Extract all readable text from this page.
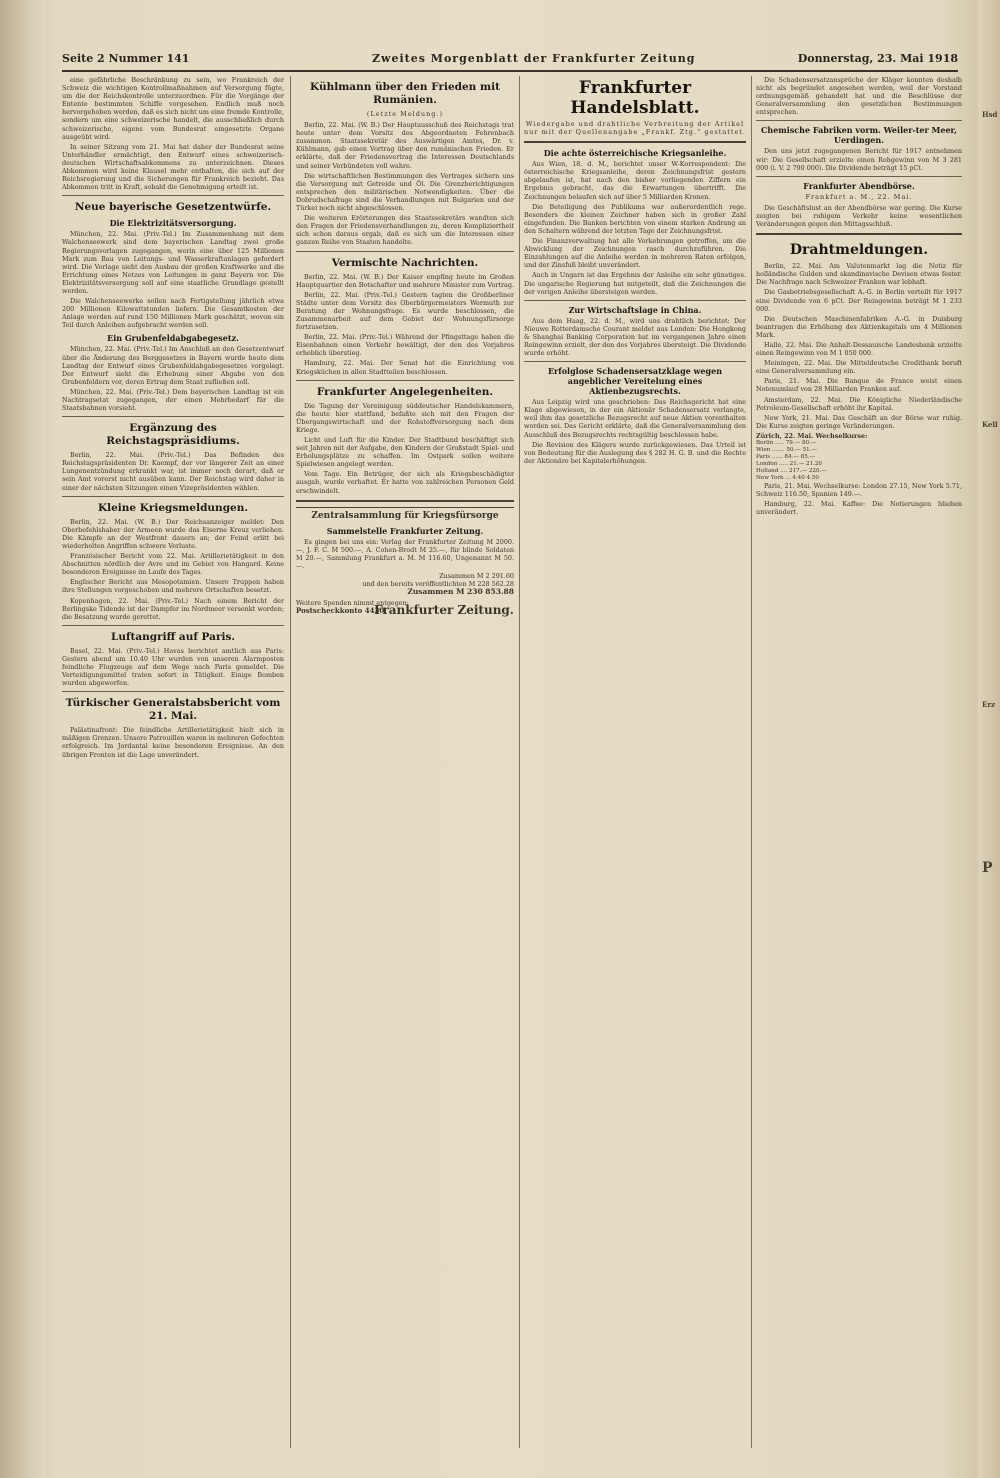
Hsd
Kell
Erz
P
Seite 2 Nummer 141	Zweites Morgenblatt der Frankfurter Zeitung	Donnerstag, 23. Mai 1918

eine gefährliche Beschränkung zu sein, wo Frankreich der Schweiz die wichtigen Kontrollmaßnahmen auf Versorgung fügte, um die der Reichskontrolle unterzuordnen. Für die Vorgänge der Entente bestimmten Schiffe vorgesehen. Endlich muß noch hervorgehoben werden, daß es sich nicht um eine fremde Kontrolle, sondern um eine schweizerische handelt, die ausschließlich durch schweizerische, eigens vom Bundesrat eingesetzte Organe ausgeübt wird.

In seiner Sitzung vom 21. Mai hat daher der Bundesrat seine Unterhändler ermächtigt, den Entwurf eines schweizerisch-deutschen Wirtschaftsabkommens zu unterzeichnen. Dieses Abkommen wird keine Klausel mehr enthalten, die sich auf der Reichsregierung und die Sicherungen für Frankreich bezieht. Das Abkommen tritt in Kraft, sobald die Genehmigung erteilt ist.

Neue bayerische Gesetzentwürfe.
Die Elektrizitätsversorgung.

München, 22. Mai. (Priv.-Tel.) Im Zusammenhang mit dem Walchenseewerk sind dem bayerischen Landtag zwei große Regierungsvorlagen zugegangen, worin eine über 125 Millionen Mark zum Bau von Leitungs- und Wasserkraftanlagen gefordert wird. Die Vorlage sieht den Ausbau der großen Kraftwerke und die Errichtung eines Netzes von Leitungen in ganz Bayern vor. Die Elektrizitätsversorgung soll auf eine staatliche Grundlage gestellt werden.

Die Walchenseewerke sollen nach Fertigstellung jährlich etwa 200 Millionen Kilowattstunden liefern. Die Gesamtkosten der Anlage werden auf rund 150 Millionen Mark geschätzt, wovon ein Teil durch Anleihen aufgebracht werden soll.

Ein Grubenfeldabgabegesetz.

München, 22. Mai. (Priv.-Tel.) Im Anschluß an den Gesetzentwurf über die Änderung des Berggesetzes in Bayern wurde heute dem Landtag der Entwurf eines Grubenfeldabgabegesetzes vorgelegt. Der Entwurf sieht die Erhebung einer Abgabe von den Grubenfeldern vor, deren Ertrag dem Staat zufließen soll.

München, 22. Mai. (Priv.-Tel.) Dem bayerischen Landtag ist ein Nachtragsetat zugegangen, der einen Mehrbedarf für die Staatsbahnen vorsieht.

Ergänzung des Reichstagspräsidiums.

Berlin, 22. Mai. (Priv.-Tel.) Das Befinden des Reichstagspräsidenten Dr. Kaempf, der vor längerer Zeit an einer Lungenentzündung erkrankt war, ist immer noch derart, daß er sein Amt vorerst nicht ausüben kann. Der Reichstag wird daher in einer der nächsten Sitzungen einen Vizepräsidenten wählen.

Kleine Kriegsmeldungen.

Berlin, 22. Mai. (W. B.) Der Reichsanzeiger meldet: Den Oberbefehlshaber der Armeen wurde das Eiserne Kreuz verliehen. Die Kämpfe an der Westfront dauern an; der Feind erlitt bei wiederholten Angriffen schwere Verluste.

Französischer Bericht vom 22. Mai. Artillerietätigkeit in den Abschnitten nördlich der Avre und im Gebiet von Hangard. Keine besonderen Ereignisse im Laufe des Tages.

Englischer Bericht aus Mesopotamien. Unsere Truppen haben ihre Stellungen vorgeschoben und mehrere Ortschaften besetzt.

Kopenhagen, 22. Mai. (Priv.-Tel.) Nach einem Bericht der Berlingske Tidende ist der Dampfer im Nordmeer versenkt worden; die Besatzung wurde gerettet.

Luftangriff auf Paris.

Basel, 22. Mai. (Priv.-Tel.) Havas berichtet amtlich aus Paris: Gestern abend um 10.40 Uhr wurden von unseren Alarmposten feindliche Flugzeuge auf dem Wege nach Paris gemeldet. Die Verteidigungsmittel traten sofort in Tätigkeit. Einige Bomben wurden abgeworfen.

Türkischer Generalstabsbericht vom 21. Mai.

Palästinafront: Die feindliche Artillerietätigkeit hielt sich in mäßigen Grenzen. Unsere Patrouillen waren in mehreren Gefechten erfolgreich. Im Jordantal keine besonderen Ereignisse. An den übrigen Fronten ist die Lage unverändert.

Kühlmann über den Frieden mit Rumänien.
(Letzte Meldung.)

Berlin, 22. Mai. (W. B.) Der Hauptausschuß des Reichstags trat heute unter dem Vorsitz des Abgeordneten Fehrenbach zusammen. Staatssekretär des Auswärtigen Amtes, Dr. v. Kühlmann, gab einen Vortrag über den rumänischen Frieden. Er erklärte, daß der Friedensvertrag die Interessen Deutschlands und seiner Verbündeten voll wahre.

Die wirtschaftlichen Bestimmungen des Vertrages sichern uns die Versorgung mit Getreide und Öl. Die Grenzberichtigungen entsprechen den militärischen Notwendigkeiten. Über die Dobrudschafrage sind die Verhandlungen mit Bulgarien und der Türkei noch nicht abgeschlossen.

Die weiteren Erörterungen des Staatssekretärs wandten sich den Fragen der Friedensverhandlungen zu, deren Kompliziertheit sich schon daraus ergab, daß es sich um die Interessen einer ganzen Reihe von Staaten handelte.

Vermischte Nachrichten.

Berlin, 22. Mai. (W. B.) Der Kaiser empfing heute im Großen Hauptquartier den Botschafter und mehrere Minister zum Vortrag.

Berlin, 22. Mai. (Priv.-Tel.) Gestern tagten die Großberliner Städte unter dem Vorsitz des Oberbürgermeisters Wermuth zur Beratung der Wohnungsfrage. Es wurde beschlossen, die Zusammenarbeit auf dem Gebiet der Wohnungsfürsorge fortzusetzen.

Berlin, 22. Mai. (Priv.-Tel.) Während der Pfingsttage haben die Eisenbahnen einen Verkehr bewältigt, der den des Vorjahres erheblich überstieg.

Hamburg, 22. Mai. Der Senat hat die Einrichtung von Kriegsküchen in allen Stadtteilen beschlossen.

Frankfurter Angelegenheiten.

Die Tagung der Vereinigung süddeutscher Handelskammern, die heute hier stattfand, befaßte sich mit den Fragen der Übergangswirtschaft und der Rohstoffversorgung nach dem Kriege.

Licht und Luft für die Kinder. Der Stadtbund beschäftigt sich seit Jahren mit der Aufgabe, den Kindern der Großstadt Spiel- und Erholungsplätze zu schaffen. Im Ostpark sollen weitere Spielwiesen angelegt werden.

Vom Tage. Ein Betrüger, der sich als Kriegsbeschädigter ausgab, wurde verhaftet. Er hatte von zahlreichen Personen Geld erschwindelt.

Zentralsammlung für Kriegsfürsorge
Sammelstelle Frankfurter Zeitung.

Es gingen bei uns ein: Verlag der Frankfurter Zeitung M 2000.—, J. F. C. M 500.—, A. Cohen-Brodt M 25.—, für blinde Soldaten M 20.—, Sammlung Frankfurt a. M. M 116.60, Ungenannt M 50.—.

Zusammen M 2 291.60
und den bereits veröffentlichten M 228 562.28
Zusammen M 230 853.88
Weitere Spenden nimmt entgegen:
Postscheckkonto 4430.
Frankfurter Zeitung.
Frankfurter Handelsblatt.
Wiedergabe und drahtliche Verbreitung der Artikel nur mit der Quellenangabe „Frankf. Ztg.“ gestattet.
Die achte österreichische Kriegsanleihe.

Aus Wien, 18. d. M., berichtet unser W-Korrespondent: Die österreichische Kriegsanleihe, deren Zeichnungsfrist gestern abgelaufen ist, hat nach den bisher vorliegenden Ziffern ein Ergebnis gebracht, das die Erwartungen übertrifft. Die Zeichnungen belaufen sich auf über 5 Milliarden Kronen.

Die Beteiligung des Publikums war außerordentlich rege. Besonders die kleinen Zeichner haben sich in großer Zahl eingefunden. Die Banken berichten von einem starken Andrang an den Schaltern während der letzten Tage der Zeichnungsfrist.

Die Finanzverwaltung hat alle Vorkehrungen getroffen, um die Abwicklung der Zeichnungen rasch durchzuführen. Die Einzahlungen auf die Anleihe werden in mehreren Raten erfolgen, und der Zinsfuß bleibt unverändert.

Auch in Ungarn ist das Ergebnis der Anleihe ein sehr günstiges. Die ungarische Regierung hat mitgeteilt, daß die Zeichnungen die der vorigen Anleihe übersteigen werden.

Zur Wirtschaftslage in China.

Aus dem Haag, 22. d. M., wird uns drahtlich berichtet: Der Nieuwe Rotterdamsche Courant meldet aus London: Die Hongkong & Shanghai Banking Corporation hat im vergangenen Jahre einen Reingewinn erzielt, der den des Vorjahres übersteigt. Die Dividende wurde erhöht.

Erfolglose Schadensersatzklage wegen angeblicher Vereitelung eines Aktienbezugsrechts.

Aus Leipzig wird uns geschrieben: Das Reichsgericht hat eine Klage abgewiesen, in der ein Aktionär Schadensersatz verlangte, weil ihm das gesetzliche Bezugsrecht auf neue Aktien vorenthalten worden sei. Das Gericht erklärte, daß die Generalversammlung den Ausschluß des Bezugsrechts rechtsgültig beschlossen habe.

Die Revision des Klägers wurde zurückgewiesen. Das Urteil ist von Bedeutung für die Auslegung des § 282 H. G. B. und die Rechte der Aktionäre bei Kapitalerhöhungen.

Die Schadensersatzansprüche der Kläger konnten deshalb nicht als begründet angesehen werden, weil der Vorstand ordnungsgemäß gehandelt hat und die Beschlüsse der Generalversammlung den gesetzlichen Bestimmungen entsprechen.

Chemische Fabriken vorm. Weiler-ter Meer, Uerdingen.

Den uns jetzt zugegangenen Bericht für 1917 entnehmen wir: Die Gesellschaft erzielte einen Rohgewinn von M 3 281 000 (i. V. 2 790 000). Die Dividende beträgt 15 pCt.

Frankfurter Abendbörse.
Frankfurt a. M., 22. Mai.

Die Geschäftslust an der Abendbörse war gering. Die Kurse zeigten bei ruhigem Verkehr keine wesentlichen Veränderungen gegen den Mittagsschluß.

Drahtmeldungen.

Berlin, 22. Mai. Am Valutenmarkt lag die Notiz für holländische Gulden und skandinavische Devisen etwas fester. Die Nachfrage nach Schweizer Franken war lebhaft.

Die Gasbetriebsgesellschaft A.-G. in Berlin verteilt für 1917 eine Dividende von 6 pCt. Der Reingewinn beträgt M 1 233 000.

Die Deutschen Maschinenfabriken A.-G. in Duisburg beantragen die Erhöhung des Aktienkapitals um 4 Millionen Mark.

Halle, 22. Mai. Die Anhalt-Dessauische Landesbank erzielte einen Reingewinn von M 1 050 000.

Meiningen, 22. Mai. Die Mitteldeutsche Creditbank beruft eine Generalversammlung ein.

Paris, 21. Mai. Die Banque de France weist einen Notenumlauf von 28 Milliarden Franken auf.

Amsterdam, 22. Mai. Die Königliche Niederländische Petroleum-Gesellschaft erhöht ihr Kapital.

New York, 21. Mai. Das Geschäft an der Börse war ruhig. Die Kurse zeigten geringe Veränderungen.

Zürich, 22. Mai. Wechselkurse:
Berlin ..... 79.— 80.—
Wien ....... 50.— 51.—
Paris ...... 84.— 85.—
London ..... 21.— 21.20
Holland .... 217.— 220.—
New York ... 4.40 4.50

Paris, 21. Mai. Wechselkurse: London 27.15, New York 5.71, Schweiz 116.50, Spanien 149.—.

Hamburg, 22. Mai. Kaffee: Die Notierungen blieben unverändert.
